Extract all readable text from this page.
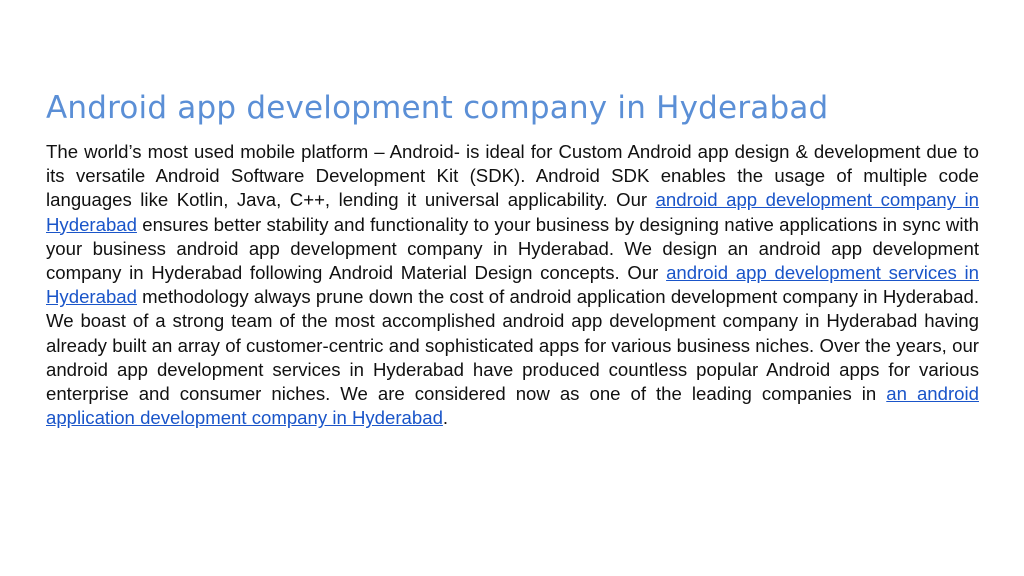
Android app development company in Hyderabad

The world’s most used mobile platform – Android- is ideal for Custom Android app design & development due to its versatile Android Software Development Kit (SDK). Android SDK enables the usage of multiple code languages like Kotlin, Java, C++, lending it universal applicability. Our android app development company in Hyderabad ensures better stability and functionality to your business by designing native applications in sync with your business android app development company in Hyderabad. We design an android app development company in Hyderabad following Android Material Design concepts. Our android app development services in Hyderabad methodology always prune down the cost of android application development company in Hyderabad. We boast of a strong team of the most accomplished android app development company in Hyderabad having already built an array of customer-centric and sophisticated apps for various business niches. Over the years, our android app development services in Hyderabad have produced countless popular Android apps for various enterprise and consumer niches. We are considered now as one of the leading companies in an android application development company in Hyderabad.
